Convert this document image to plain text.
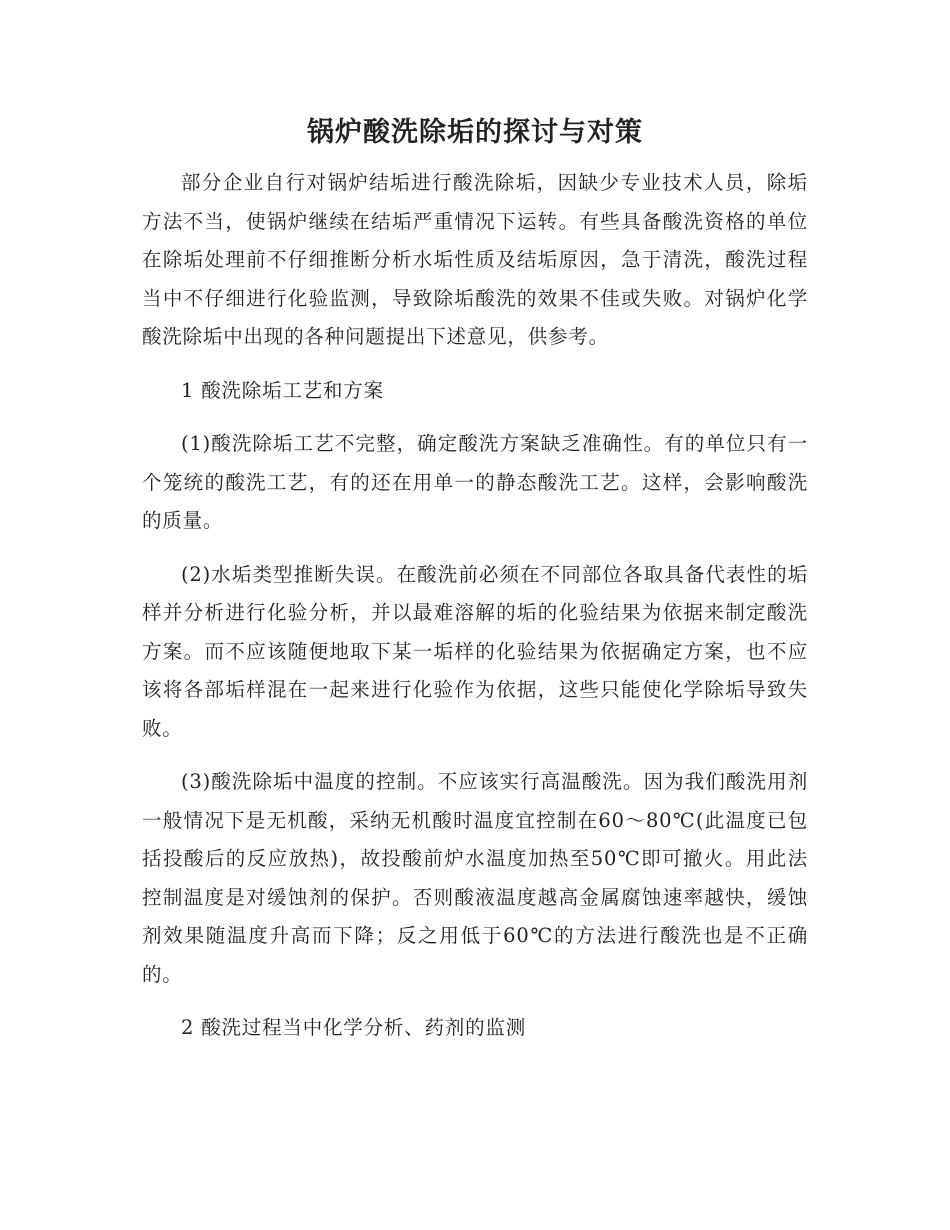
锅炉酸洗除垢的探讨与对策

部分企业自行对锅炉结垢进行酸洗除垢，因缺少专业技术人员，除垢方法不当，使锅炉继续在结垢严重情况下运转。有些具备酸洗资格的单位在除垢处理前不仔细推断分析水垢性质及结垢原因，急于清洗，酸洗过程当中不仔细进行化验监测，导致除垢酸洗的效果不佳或失败。对锅炉化学酸洗除垢中出现的各种问题提出下述意见，供参考。

1 酸洗除垢工艺和方案

(1)酸洗除垢工艺不完整，确定酸洗方案缺乏准确性。有的单位只有一个笼统的酸洗工艺，有的还在用单一的静态酸洗工艺。这样，会影响酸洗的质量。

(2)水垢类型推断失误。在酸洗前必须在不同部位各取具备代表性的垢样并分析进行化验分析，并以最难溶解的垢的化验结果为依据来制定酸洗方案。而不应该随便地取下某一垢样的化验结果为依据确定方案，也不应该将各部垢样混在一起来进行化验作为依据，这些只能使化学除垢导致失败。

(3)酸洗除垢中温度的控制。不应该实行高温酸洗。因为我们酸洗用剂一般情况下是无机酸，采纳无机酸时温度宜控制在60～80℃(此温度已包括投酸后的反应放热)，故投酸前炉水温度加热至50℃即可撤火。用此法控制温度是对缓蚀剂的保护。否则酸液温度越高金属腐蚀速率越快，缓蚀剂效果随温度升高而下降；反之用低于60℃的方法进行酸洗也是不正确的。

2 酸洗过程当中化学分析、药剂的监测
